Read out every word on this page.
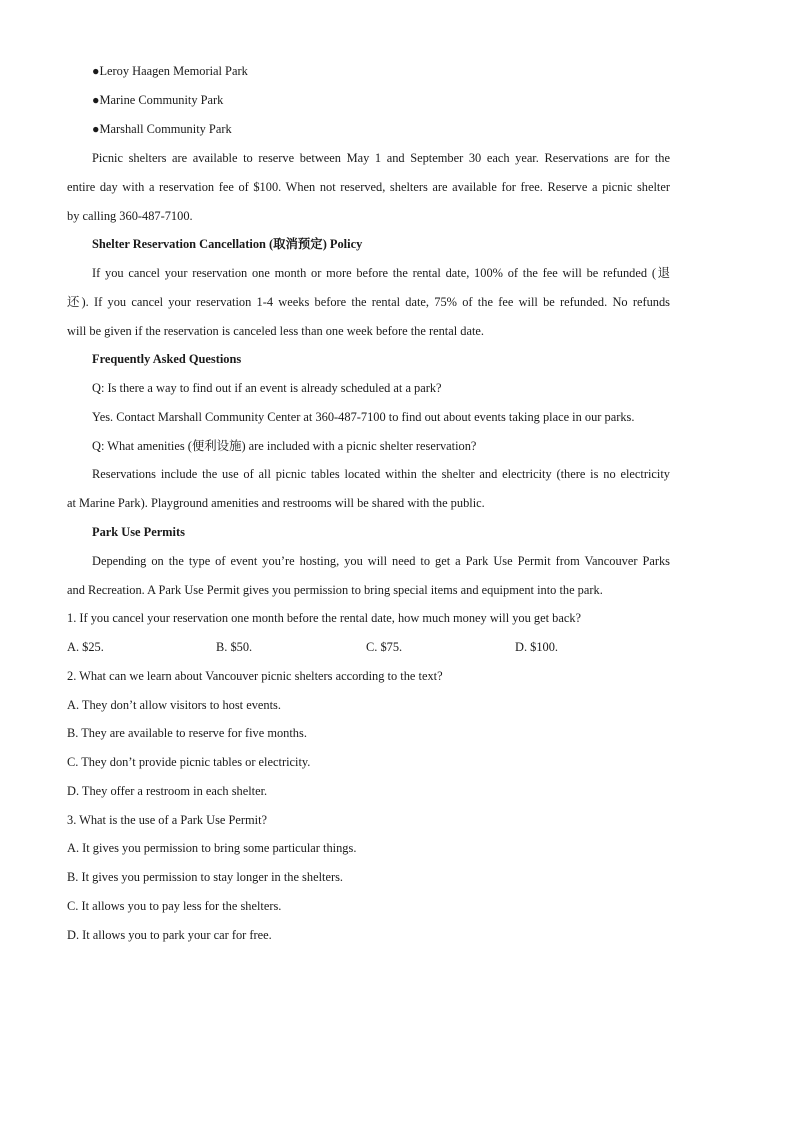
●Leroy Haagen Memorial Park
●Marine Community Park
●Marshall Community Park
Picnic shelters are available to reserve between May 1 and September 30 each year. Reservations are for the
entire day with a reservation fee of $100. When not reserved, shelters are available for free. Reserve a picnic shelter
by calling 360-487-7100.
Shelter Reservation Cancellation (取消预定) Policy
If you cancel your reservation one month or more before the rental date, 100% of the fee will be refunded (退
还). If you cancel your reservation 1-4 weeks before the rental date, 75% of the fee will be refunded. No refunds
will be given if the reservation is canceled less than one week before the rental date.
Frequently Asked Questions
Q: Is there a way to find out if an event is already scheduled at a park?
Yes. Contact Marshall Community Center at 360-487-7100 to find out about events taking place in our parks.
Q: What amenities (便利设施) are included with a picnic shelter reservation?
Reservations include the use of all picnic tables located within the shelter and electricity (there is no electricity
at Marine Park). Playground amenities and restrooms will be shared with the public.
Park Use Permits
Depending on the type of event you’re hosting, you will need to get a Park Use Permit from Vancouver Parks
and Recreation. A Park Use Permit gives you permission to bring special items and equipment into the park.
1. If you cancel your reservation one month before the rental date, how much money will you get back?
A. $25.	B. $50.	C. $75.	D. $100.
2. What can we learn about Vancouver picnic shelters according to the text?
A. They don’t allow visitors to host events.
B. They are available to reserve for five months.
C. They don’t provide picnic tables or electricity.
D. They offer a restroom in each shelter.
3. What is the use of a Park Use Permit?
A. It gives you permission to bring some particular things.
B. It gives you permission to stay longer in the shelters.
C. It allows you to pay less for the shelters.
D. It allows you to park your car for free.
